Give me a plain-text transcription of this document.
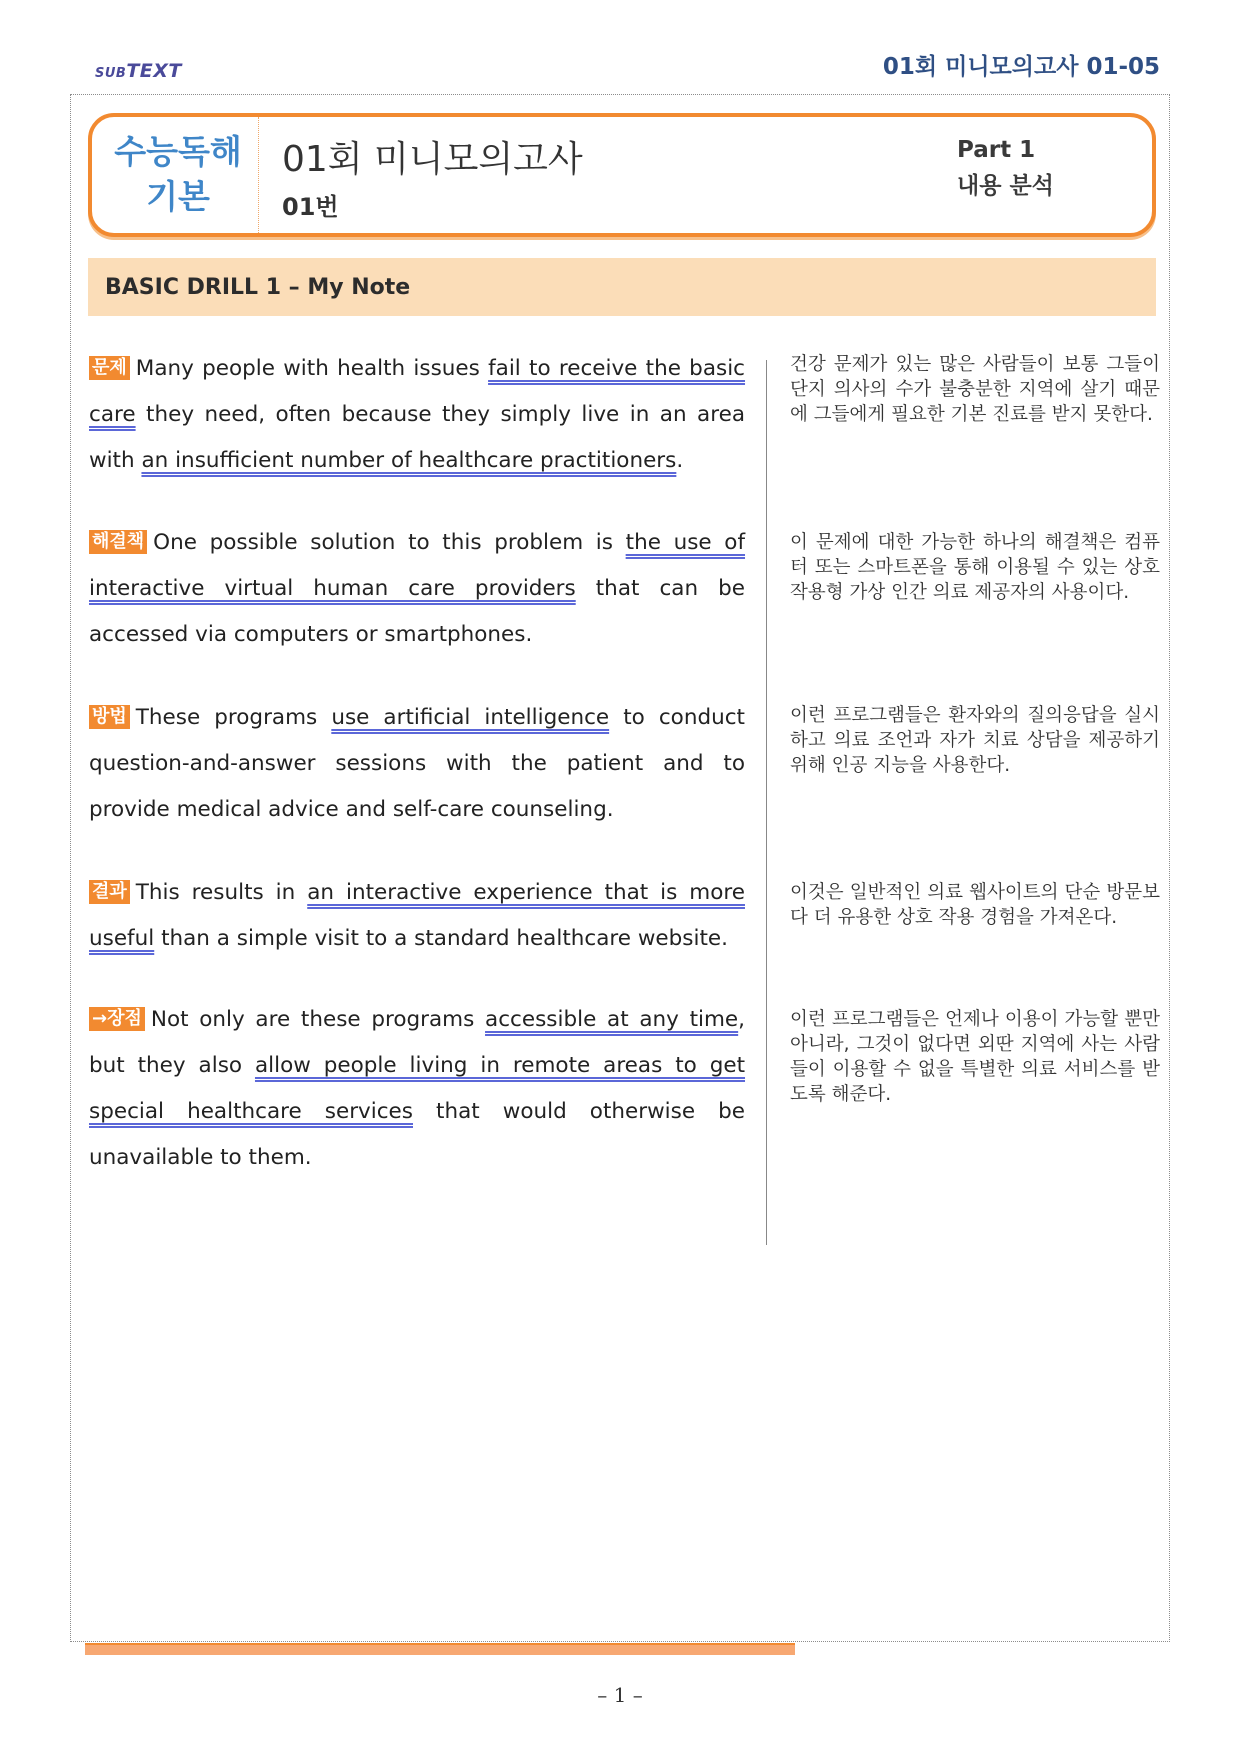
SUBTEXT	01회 미니모의고사 01-05
수능독해
기본
01회 미니모의고사
01번
Part 1
내용 분석
BASIC DRILL 1 – My Note
문제 Many people with health issues fail to receive the basic care they need, often because they simply live in an area with an insufficient number of healthcare practitioners.
건강 문제가 있는 많은 사람들이 보통 그들이 단지 의사의 수가 불충분한 지역에 살기 때문에 그들에게 필요한 기본 진료를 받지 못한다.
해결책 One possible solution to this problem is the use of interactive virtual human care providers that can be accessed via computers or smartphones.
이 문제에 대한 가능한 하나의 해결책은 컴퓨터 또는 스마트폰을 통해 이용될 수 있는 상호작용형 가상 인간 의료 제공자의 사용이다.
방법 These programs use artificial intelligence to conduct question-and-answer sessions with the patient and to provide medical advice and self-care counseling.
이런 프로그램들은 환자와의 질의응답을 실시하고 의료 조언과 자가 치료 상담을 제공하기 위해 인공 지능을 사용한다.
결과 This results in an interactive experience that is more useful than a simple visit to a standard healthcare website.
이것은 일반적인 의료 웹사이트의 단순 방문보다 더 유용한 상호 작용 경험을 가져온다.
→장점 Not only are these programs accessible at any time, but they also allow people living in remote areas to get special healthcare services that would otherwise be unavailable to them.
이런 프로그램들은 언제나 이용이 가능할 뿐만 아니라, 그것이 없다면 외딴 지역에 사는 사람들이 이용할 수 없을 특별한 의료 서비스를 받도록 해준다.
– 1 –
